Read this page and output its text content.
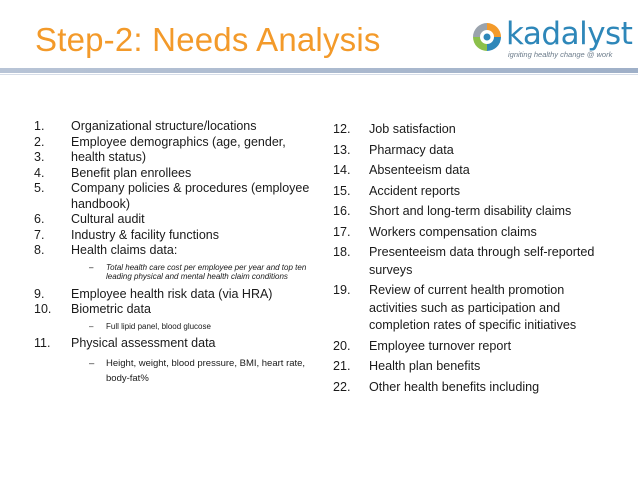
Step-2: Needs Analysis	kadalyst
igniting healthy change @ work
1. Organizational structure/locations
2. Employee demographics (age, gender,
3. health status)
4. Benefit plan enrollees
5. Company policies & procedures (employee handbook)
6. Cultural audit
7. Industry & facility functions
8. Health claims data:
– Total health care cost per employee per year and top ten leading physical and mental health claim conditions
9. Employee health risk data (via HRA)
10. Biometric data
– Full lipid panel, blood glucose
11. Physical assessment data
– Height, weight, blood pressure, BMI, heart rate, body-fat%
12. Job satisfaction
13. Pharmacy data
14. Absenteeism data
15. Accident reports
16. Short and long-term disability claims
17. Workers compensation claims
18. Presenteeism data through self-reported surveys
19. Review of current health promotion activities such as participation and completion rates of specific initiatives
20. Employee turnover report
21. Health plan benefits
22. Other health benefits including
